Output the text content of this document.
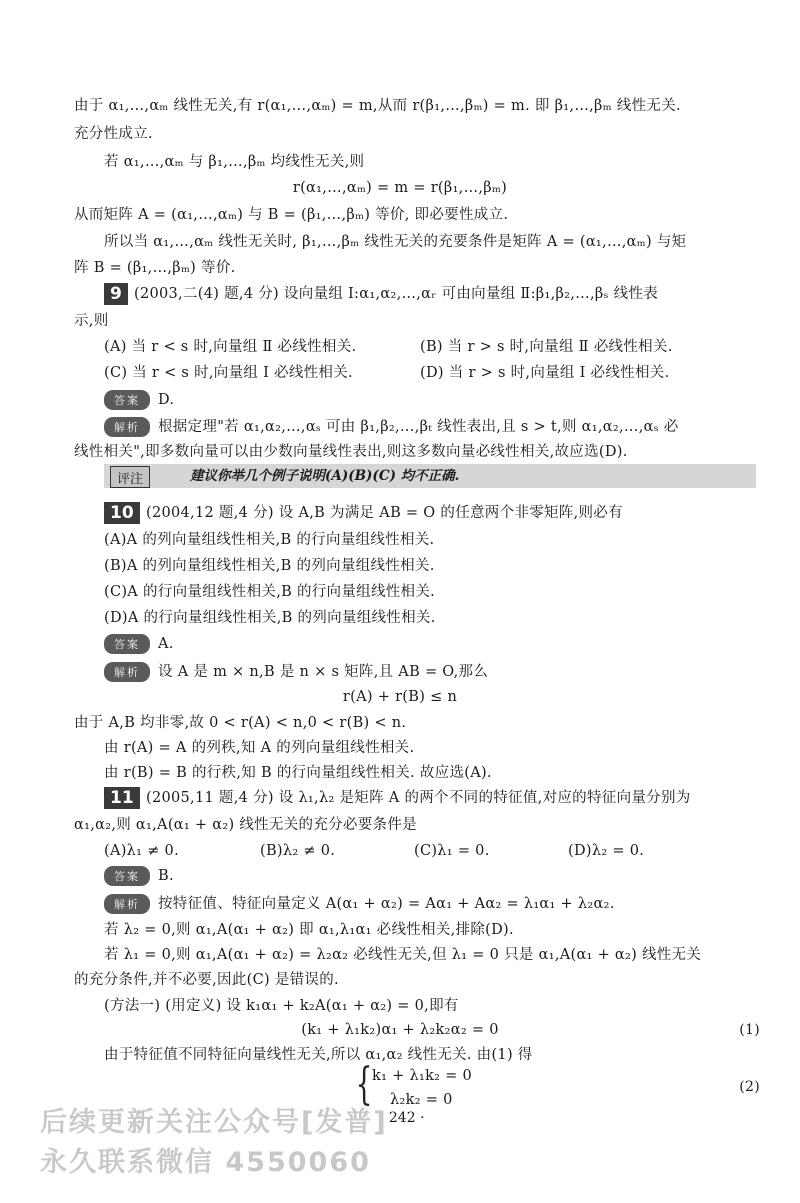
由于 α₁,…,αₘ 线性无关,有 r(α₁,…,αₘ) = m,从而 r(β₁,…,βₘ) = m. 即 β₁,…,βₘ 线性无关.
充分性成立.
若 α₁,…,αₘ 与 β₁,…,βₘ 均线性无关,则
r(α₁,…,αₘ) = m = r(β₁,…,βₘ)
从而矩阵 A = (α₁,…,αₘ) 与 B = (β₁,…,βₘ) 等价, 即必要性成立.
所以当 α₁,…,αₘ 线性无关时, β₁,…,βₘ 线性无关的充要条件是矩阵 A = (α₁,…,αₘ) 与矩
阵 B = (β₁,…,βₘ) 等价.
9 (2003,二(4) 题,4 分) 设向量组 Ⅰ:α₁,α₂,…,αᵣ 可由向量组 Ⅱ:β₁,β₂,…,βₛ 线性表
示,则
(A) 当 r < s 时,向量组 Ⅱ 必线性相关.	(B) 当 r > s 时,向量组 Ⅱ 必线性相关.
(C) 当 r < s 时,向量组 Ⅰ 必线性相关.	(D) 当 r > s 时,向量组 Ⅰ 必线性相关.
答案	D.
解析	根据定理"若 α₁,α₂,…,αₛ 可由 β₁,β₂,…,βₜ 线性表出,且 s > t,则 α₁,α₂,…,αₛ 必
线性相关",即多数向量可以由少数向量线性表出,则这多数向量必线性相关,故应选(D).
评注	建议你举几个例子说明(A)(B)(C) 均不正确.
10 (2004,12 题,4 分) 设 A,B 为满足 AB = O 的任意两个非零矩阵,则必有
(A)A 的列向量组线性相关,B 的行向量组线性相关.
(B)A 的列向量组线性相关,B 的列向量组线性相关.
(C)A 的行向量组线性相关,B 的行向量组线性相关.
(D)A 的行向量组线性相关,B 的列向量组线性相关.
答案	A.
解析	设 A 是 m × n,B 是 n × s 矩阵,且 AB = O,那么
r(A) + r(B) ≤ n
由于 A,B 均非零,故 0 < r(A) < n,0 < r(B) < n.
由 r(A) = A 的列秩,知 A 的列向量组线性相关.
由 r(B) = B 的行秩,知 B 的行向量组线性相关. 故应选(A).
11 (2005,11 题,4 分) 设 λ₁,λ₂ 是矩阵 A 的两个不同的特征值,对应的特征向量分别为
α₁,α₂,则 α₁,A(α₁ + α₂) 线性无关的充分必要条件是
(A)λ₁ ≠ 0.	(B)λ₂ ≠ 0.	(C)λ₁ = 0.	(D)λ₂ = 0.
答案	B.
解析	按特征值、特征向量定义 A(α₁ + α₂) = Aα₁ + Aα₂ = λ₁α₁ + λ₂α₂.
若 λ₂ = 0,则 α₁,A(α₁ + α₂) 即 α₁,λ₁α₁ 必线性相关,排除(D).
若 λ₁ = 0,则 α₁,A(α₁ + α₂) = λ₂α₂ 必线性无关,但 λ₁ = 0 只是 α₁,A(α₁ + α₂) 线性无关
的充分条件,并不必要,因此(C) 是错误的.
(方法一) (用定义) 设 k₁α₁ + k₂A(α₁ + α₂) = 0,即有
(k₁ + λ₁k₂)α₁ + λ₂k₂α₂ = 0	(1)
由于特征值不同特征向量线性无关,所以 α₁,α₂ 线性无关. 由(1) 得
{ k₁ + λ₁k₂ = 0
λ₂k₂ = 0
(2)
· 242 ·
后续更新关注公众号[发普]
永久联系微信 4550060
